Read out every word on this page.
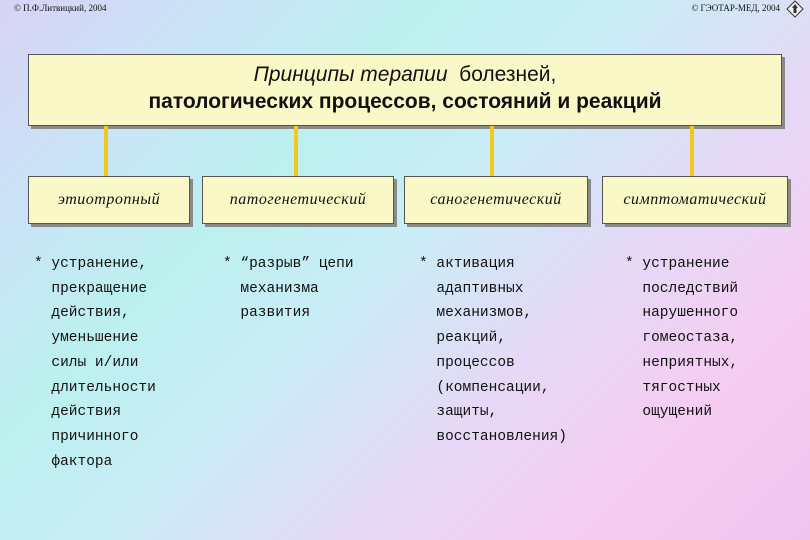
© П.Ф.Литвицкий, 2004	© ГЭОТАР-МЕД, 2004
Принципы терапии болезней,
патологических процессов, состояний и реакций
этиотропный	патогенетический	саногенетический	симптоматический
* устранение,
прекращение
действия,
уменьшение
силы и/или
длительности
действия
причинного
фактора
* “разрыв” цепи
механизма
развития
* активация
адаптивных
механизмов,
реакций,
процессов
(компенсации,
защиты,
восстановления)
* устранение
последствий
нарушенного
гомеостаза,
неприятных,
тягостных
ощущений
